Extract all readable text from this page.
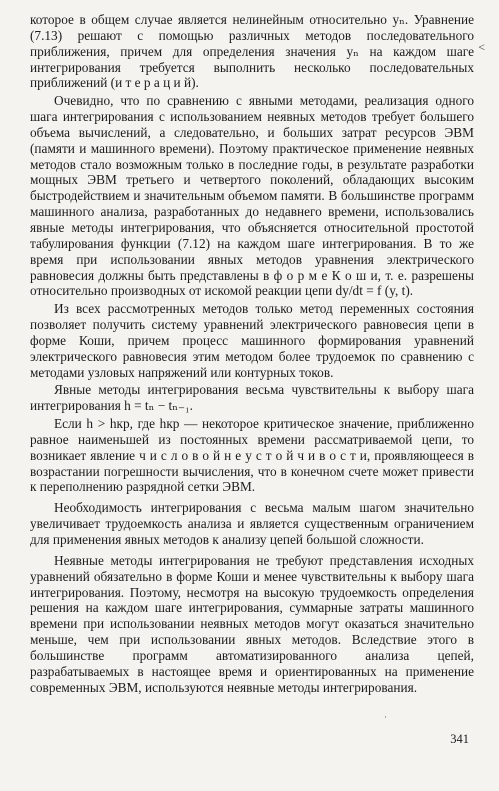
<

которое в общем случае является нелинейным относительно yₙ. Уравнение (7.13) решают с помощью различных методов последовательного приближения, причем для определения значения yₙ на каждом шаге интегрирования требуется выполнить несколько последовательных приближений (и т е р а ц и й).

Очевидно, что по сравнению с явными методами, реализация одного шага интегрирования с использованием неявных методов требует большего объема вычислений, а следовательно, и больших затрат ресурсов ЭВМ (памяти и машинного времени). Поэтому практическое применение неявных методов стало возможным только в последние годы, в результате разработки мощных ЭВМ третьего и четвертого поколений, обладающих высоким быстродействием и значительным объемом памяти. В большинстве программ машинного анализа, разработанных до недавнего времени, использовались явные методы интегрирования, что объясняется относительной простотой табулирования функции (7.12) на каждом шаге интегрирования. В то же время при использовании явных методов уравнения электрического равновесия должны быть представлены в ф о р м е К о ш и, т. е. разрешены относительно производных от искомой реакции цепи dy/dt = f (y, t).

Из всех рассмотренных методов только метод переменных состояния позволяет получить систему уравнений электрического равновесия цепи в форме Коши, причем процесс машинного формирования уравнений электрического равновесия этим методом более трудоемок по сравнению с методами узловых напряжений или контурных токов.

Явные методы интегрирования весьма чувствительны к выбору шага интегрирования h = tₙ − tₙ₋₁.

Если h > hкр, где hкр — некоторое критическое значение, приближенно равное наименьшей из постоянных времени рассматриваемой цепи, то возникает явление ч и с л о в о й н е у с т о й ч и в о с т и, проявляющееся в возрастании погрешности вычисления, что в конечном счете может привести к переполнению разрядной сетки ЭВМ.

Необходимость интегрирования с весьма малым шагом значительно увеличивает трудоемкость анализа и является существенным ограничением для применения явных методов к анализу цепей большой сложности.

Неявные методы интегрирования не требуют представления исходных уравнений обязательно в форме Коши и менее чувствительны к выбору шага интегрирования. Поэтому, несмотря на высокую трудоемкость определения решения на каждом шаге интегрирования, суммарные затраты машинного времени при использовании неявных методов могут оказаться значительно меньше, чем при использовании явных методов. Вследствие этого в большинстве программ автоматизированного анализа цепей, разрабатываемых в настоящее время и ориентированных на применение современных ЭВМ, используются неявные методы интегрирования.

·
341
